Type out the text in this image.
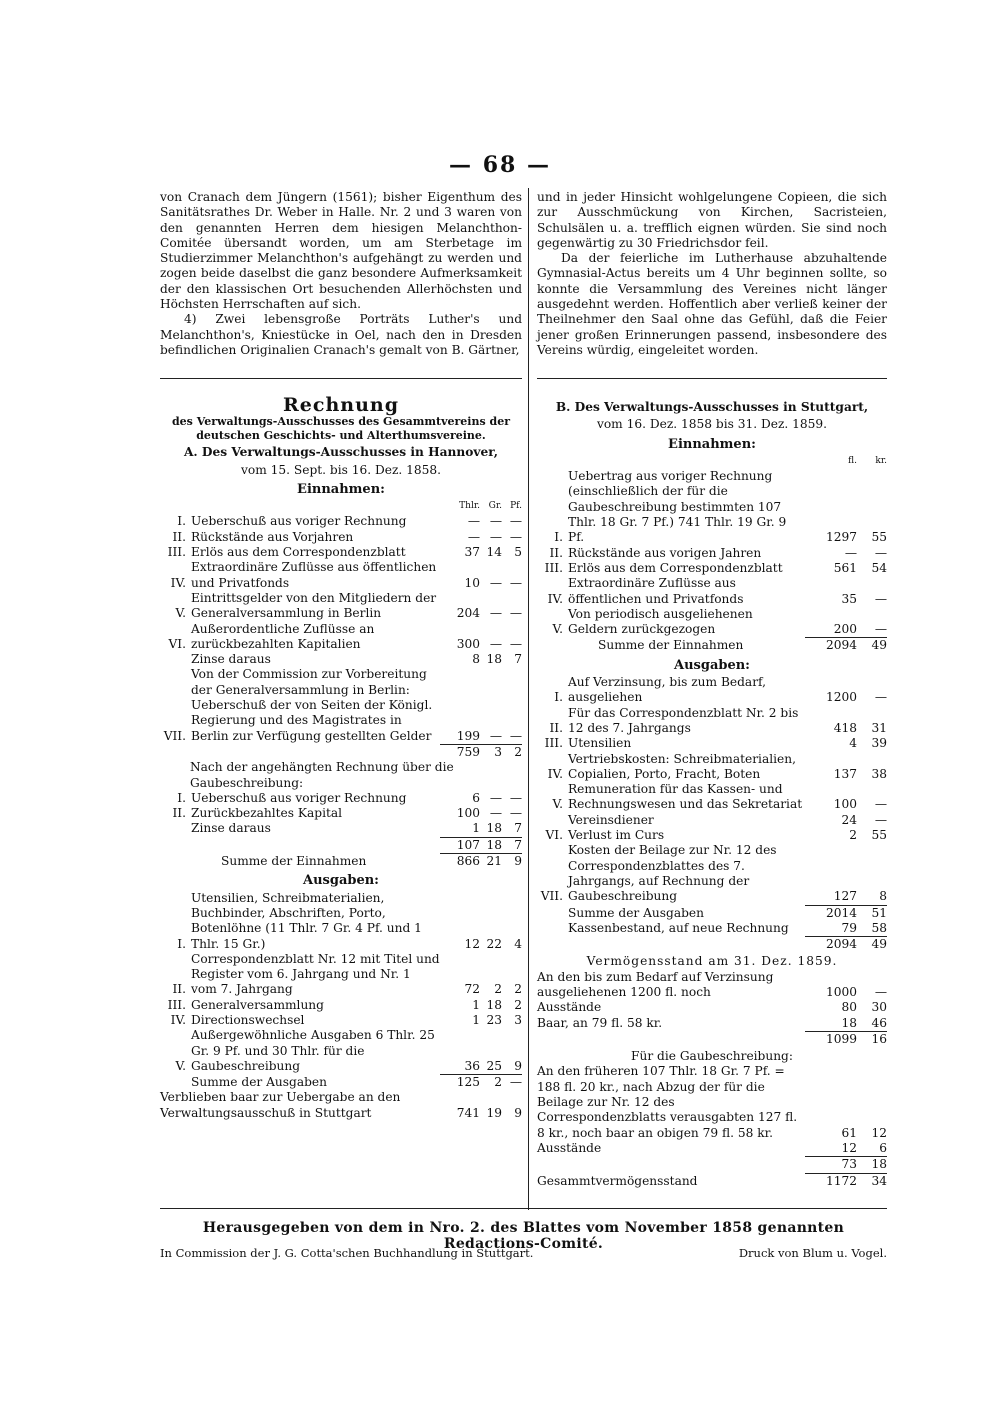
— 68 —

von Cranach dem Jüngern (1561); bisher Eigenthum des Sanitätsrathes Dr. Weber in Halle. Nr. 2 und 3 waren von den genannten Herren dem hiesigen Melanchthon-Comitée übersandt worden, um am Sterbetage im Studierzimmer Melanchthon's aufgehängt zu werden und zogen beide daselbst die ganz besondere Aufmerksamkeit der den klassischen Ort besuchenden Allerhöchsten und Höchsten Herrschaften auf sich.

4) Zwei lebensgroße Porträts Luther's und Melanchthon's, Kniestücke in Oel, nach den in Dresden befindlichen Originalien Cranach's gemalt von B. Gärtner,

und in jeder Hinsicht wohlgelungene Copieen, die sich zur Ausschmückung von Kirchen, Sacristeien, Schulsälen u. a. trefflich eignen würden. Sie sind noch gegenwärtig zu 30 Friedrichsdor feil.

Da der feierliche im Lutherhause abzuhaltende Gymnasial-Actus bereits um 4 Uhr beginnen sollte, so konnte die Versammlung des Vereines nicht länger ausgedehnt werden. Hoffentlich aber verließ keiner der Theilnehmer den Saal ohne das Gefühl, daß die Feier jener großen Erinnerungen passend, insbesondere des Vereins würdig, eingeleitet worden.

Rechnung
des Verwaltungs-Ausschusses des Gesammtvereins der deutschen Geschichts- und Alterthumsvereine.
A. Des Verwaltungs-Ausschusses in Hannover,
vom 15. Sept. bis 16. Dez. 1858.
Einnahmen:
Thlr. Gr. Pf.
I. Ueberschuß aus voriger Rechnung	— — —
II. Rückstände aus Vorjahren	— — —
III. Erlös aus dem Correspondenzblatt	37 14	5
IV.
Extraordinäre Zuflüsse aus öffentlichen und Privatfonds	10 — —
V.
Eintrittsgelder von den Mitgliedern der Generalversammlung in Berlin	204 — —
VI.
Außerordentliche Zuflüsse an zurückbezahlten Kapitalien	300 — —
Zinse daraus	8 18	7
VII.
Von der Commission zur Vorbereitung der Generalversammlung in Berlin: Ueberschuß der von Seiten der Königl. Regierung und des Magistrates in Berlin zur Verfügung gestellten Gelder	199 — —
759	3	2
Nach der angehängten Rechnung über die Gaubeschreibung:
I. Ueberschuß aus voriger Rechnung	6 — —
II. Zurückbezahltes Kapital	100 — —
Zinse daraus	1 18	7
107 18	7
Summe der Einnahmen	866 21	9
Ausgaben:
I.
Utensilien, Schreibmaterialien, Buchbinder, Abschriften, Porto, Botenlöhne (11 Thlr. 7 Gr. 4 Pf. und 1 Thlr. 15 Gr.)	12 22	4
II.
Correspondenzblatt Nr. 12 mit Titel und Register vom 6. Jahrgang und Nr. 1 vom 7. Jahrgang	72	2	2
III. Generalversammlung	1 18	2
IV. Directionswechsel	1 23	3
V.
Außergewöhnliche Ausgaben 6 Thlr. 25 Gr. 9 Pf. und 30 Thlr. für die Gaubeschreibung	36 25	9
Summe der Ausgaben	125	2 —
Verblieben baar zur Uebergabe an den Verwaltungsausschuß in Stuttgart	741 19	9
B. Des Verwaltungs-Ausschusses in Stuttgart,
vom 16. Dez. 1858 bis 31. Dez. 1859.
Einnahmen:
fl.	kr.
I.
Uebertrag aus voriger Rechnung (einschließlich der für die Gaubeschreibung bestimmten 107 Thlr. 18 Gr. 7 Pf.) 741 Thlr. 19 Gr. 9 Pf.	1297	55
II. Rückstände aus vorigen Jahren	—	—
III. Erlös aus dem Correspondenzblatt	561	54
IV.
Extraordinäre Zuflüsse aus öffentlichen und Privatfonds	35	—
V.
Von periodisch ausgeliehenen Geldern zurückgezogen	200	—
Summe der Einnahmen	2094	49
Ausgaben:
I.
Auf Verzinsung, bis zum Bedarf, ausgeliehen	1200	—
II.
Für das Correspondenzblatt Nr. 2 bis 12 des 7. Jahrgangs	418	31
III. Utensilien	4	39
IV.
Vertriebskosten: Schreibmaterialien, Copialien, Porto, Fracht, Boten	137	38
V.
Remuneration für das Kassen- und Rechnungswesen und das Sekretariat	100	—
Vereinsdiener	24	—
VI. Verlust im Curs	2	55
VII.
Kosten der Beilage zur Nr. 12 des Correspondenzblattes des 7. Jahrgangs, auf Rechnung der Gaubeschreibung	127	8
Summe der Ausgaben	2014	51
Kassenbestand, auf neue Rechnung	79	58
2094	49
Vermögensstand am 31. Dez. 1859.
An den bis zum Bedarf auf Verzinsung ausgeliehenen 1200 fl. noch	1000	—
Ausstände	80	30
Baar, an 79 fl. 58 kr.	18	46
1099	16
Für die Gaubeschreibung:
An den früheren 107 Thlr. 18 Gr. 7 Pf. = 188 fl. 20 kr., nach Abzug der für die Beilage zur Nr. 12 des Correspondenzblatts verausgabten 127 fl. 8 kr., noch baar an obigen 79 fl. 58 kr.	61	12
Ausstände	12	6
73	18
Gesammtvermögensstand	1172	34
Herausgegeben von dem in Nro. 2. des Blattes vom November 1858 genannten Redactions-Comité.
In Commission der J. G. Cotta'schen Buchhandlung in Stuttgart.	Druck von Blum u. Vogel.
